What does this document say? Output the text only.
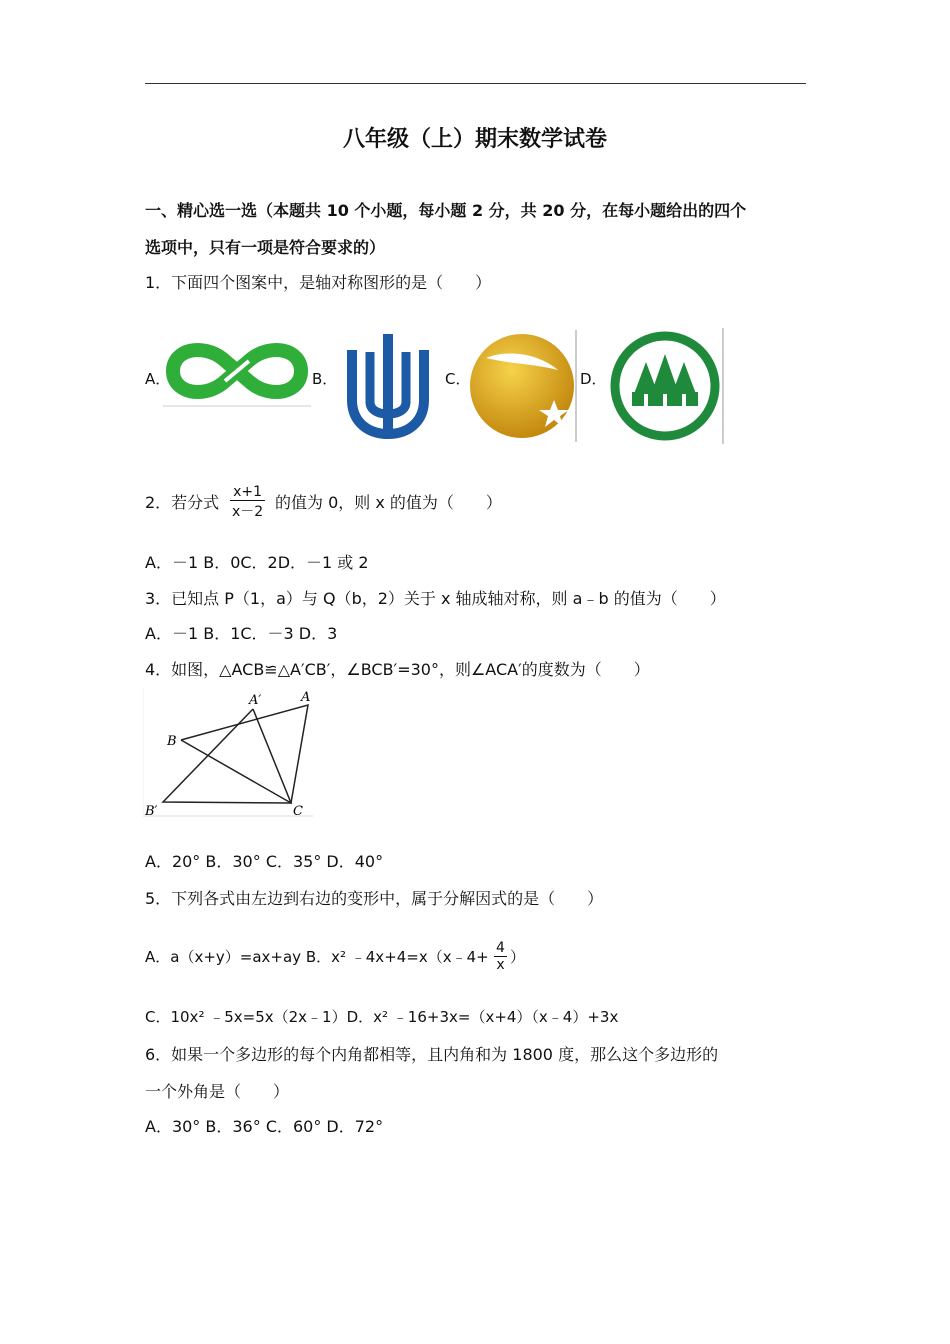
八年级（上）期末数学试卷
一、精心选一选（本题共 10 个小题，每小题 2 分，共 20 分，在每小题给出的四个
选项中，只有一项是符合要求的）
1．下面四个图案中，是轴对称图形的是（　　）
A．	B．	C．	D．
2．若分式 $\frac{x+1}{x-2}$ 的值为 0，则 x 的值为（　　）
A．－1 B．0C．2D．－1 或 2
3．已知点 P（1，a）与 Q（b，2）关于 x 轴成轴对称，则 a﹣b 的值为（　　）
A．－1 B．1C．－3 D．3
4．如图，△ACB≌△A′CB′，∠BCB′=30°，则∠ACA′的度数为（　　）
A′	A
B
B′	C
A．20° B．30° C．35° D．40°
5．下列各式由左边到右边的变形中，属于分解因式的是（　　）
A．a（x+y）=ax+ay B．x² ﹣4x+4=x（x﹣4+ $\frac{4}{x}$ ）
C．10x² ﹣5x=5x（2x﹣1）D．x² ﹣16+3x=（x+4）（x﹣4）+3x
6．如果一个多边形的每个内角都相等，且内角和为 1800 度，那么这个多边形的
一个外角是（　　）
A．30° B．36° C．60° D．72°
